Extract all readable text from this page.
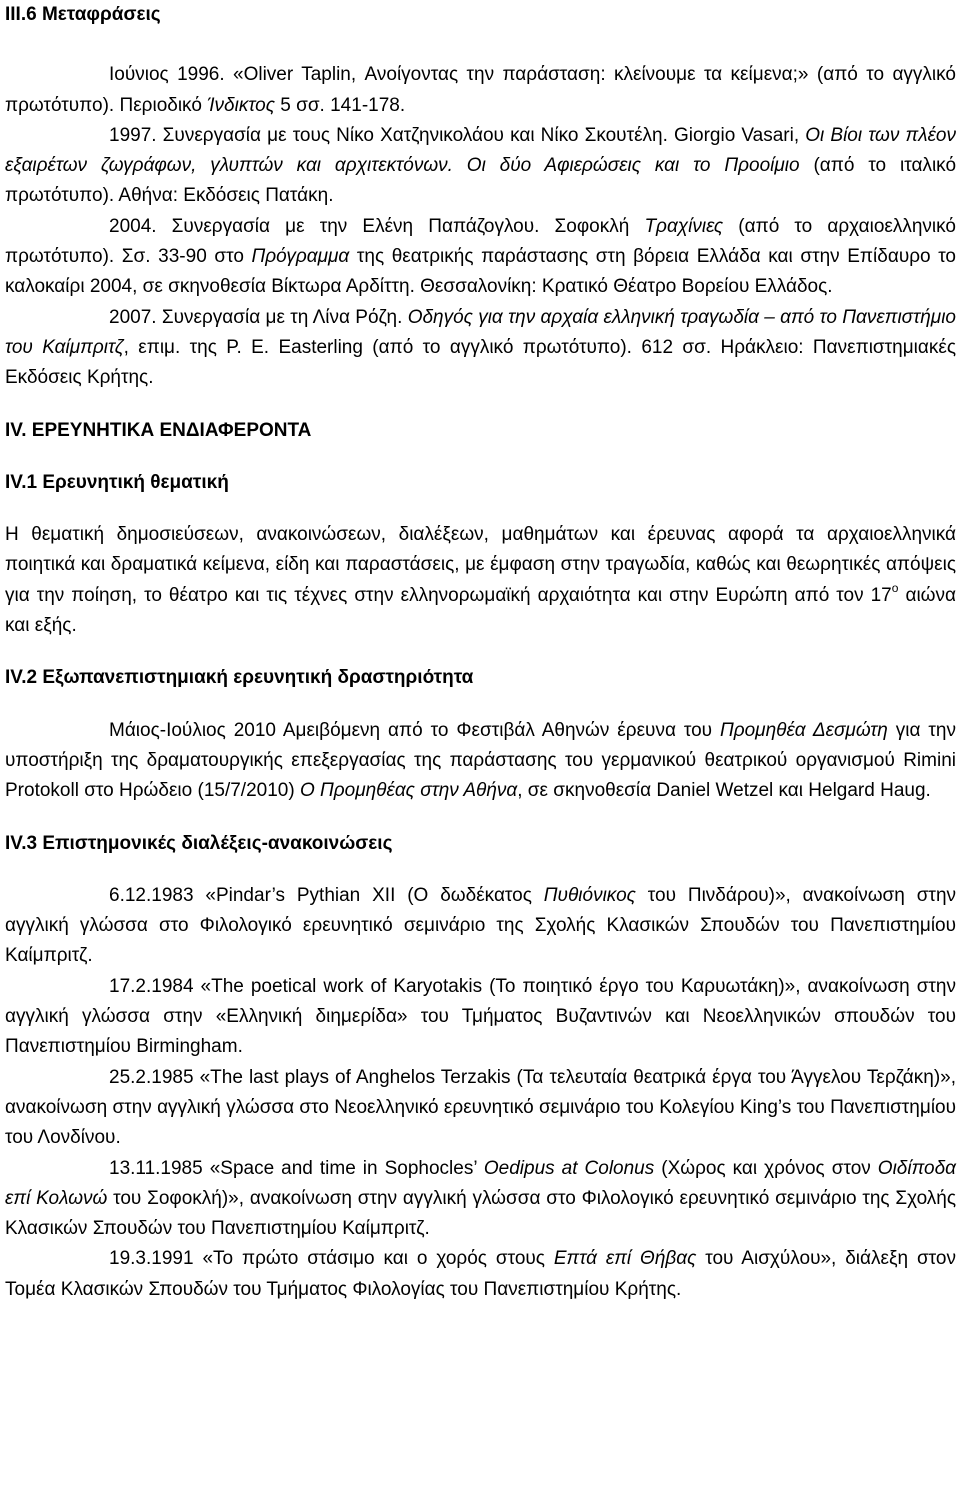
III.6 Μεταφράσεις

Ιούνιος 1996. «Oliver Taplin, Ανοίγοντας την παράσταση: κλείνουμε τα κείμενα;» (από το αγγλικό πρωτότυπο). Περιοδικό Ίνδικτος 5 σσ. 141-178.

1997. Συνεργασία με τους Νίκο Χατζηνικολάου και Νίκο Σκουτέλη. Giorgio Vasari, Οι Βίοι των πλέον εξαιρέτων ζωγράφων, γλυπτών και αρχιτεκτόνων. Οι δύο Αφιερώσεις και το Προοίμιο (από το ιταλικό πρωτότυπο). Αθήνα: Εκδόσεις Πατάκη.

2004. Συνεργασία με την Ελένη Παπάζογλου. Σοφοκλή Τραχίνιες (από το αρχαιοελληνικό πρωτότυπο). Σσ. 33-90 στο Πρόγραμμα της θεατρικής παράστασης στη βόρεια Ελλάδα και στην Επίδαυρο το καλοκαίρι 2004, σε σκηνοθεσία Βίκτωρα Αρδίττη. Θεσσαλονίκη: Κρατικό Θέατρο Βορείου Ελλάδος.

2007. Συνεργασία με τη Λίνα Ρόζη. Οδηγός για την αρχαία ελληνική τραγωδία – από το Πανεπιστήμιο του Καίμπριτζ, επιμ. της P. E. Easterling (από το αγγλικό πρωτότυπο). 612 σσ. Ηράκλειο: Πανεπιστημιακές Εκδόσεις Κρήτης.

IV. ΕΡΕΥΝΗΤΙΚΑ ΕΝΔΙΑΦΕΡΟΝΤΑ

IV.1 Ερευνητική θεματική

Η θεματική δημοσιεύσεων, ανακοινώσεων, διαλέξεων, μαθημάτων και έρευνας αφορά τα αρχαιοελληνικά ποιητικά και δραματικά κείμενα, είδη και παραστάσεις, με έμφαση στην τραγωδία, καθώς και θεωρητικές απόψεις για την ποίηση, το θέατρο και τις τέχνες στην ελληνορωμαϊκή αρχαιότητα και στην Ευρώπη από τον $17^o$ αιώνα και εξής.

IV.2 Εξωπανεπιστημιακή ερευνητική δραστηριότητα

Μάιος-Ιούλιος 2010 Αμειβόμενη από το Φεστιβάλ Αθηνών έρευνα του Προμηθέα Δεσμώτη για την υποστήριξη της δραματουργικής επεξεργασίας της παράστασης του γερμανικού θεατρικού οργανισμού Rimini Protokoll στο Ηρώδειο (15/7/2010) Ο Προμηθέας στην Αθήνα, σε σκηνοθεσία Daniel Wetzel και Helgard Haug.

IV.3 Επιστημονικές διαλέξεις-ανακοινώσεις

6.12.1983 «Pindar’s Pythian XII (Ο δωδέκατος Πυθιόνικος του Πινδάρου)», ανακοίνωση στην αγγλική γλώσσα στο Φιλολογικό ερευνητικό σεμινάριο της Σχολής Κλασικών Σπουδών του Πανεπιστημίου Καίμπριτζ.

17.2.1984 «The poetical work of Karyotakis (Το ποιητικό έργο του Καρυωτάκη)», ανακοίνωση στην αγγλική γλώσσα στην «Ελληνική διημερίδα» του Τμήματος Βυζαντινών και Νεοελληνικών σπουδών του Πανεπιστημίου Birmingham.

25.2.1985 «The last plays of Anghelos Terzakis (Τα τελευταία θεατρικά έργα του Άγγελου Τερζάκη)», ανακοίνωση στην αγγλική γλώσσα στο Νεοελληνικό ερευνητικό σεμινάριο του Κολεγίου King’s του Πανεπιστημίου του Λονδίνου.

13.11.1985 «Space and time in Sophocles’ Oedipus at Colonus (Χώρος και χρόνος στον Οιδίποδα επί Κολωνώ του Σοφοκλή)», ανακοίνωση στην αγγλική γλώσσα στο Φιλολογικό ερευνητικό σεμινάριο της Σχολής Κλασικών Σπουδών του Πανεπιστημίου Καίμπριτζ.

19.3.1991 «Το πρώτο στάσιμο και ο χορός στους Επτά επί Θήβας του Αισχύλου», διάλεξη στον Τομέα Κλασικών Σπουδών του Τμήματος Φιλολογίας του Πανεπιστημίου Κρήτης.
